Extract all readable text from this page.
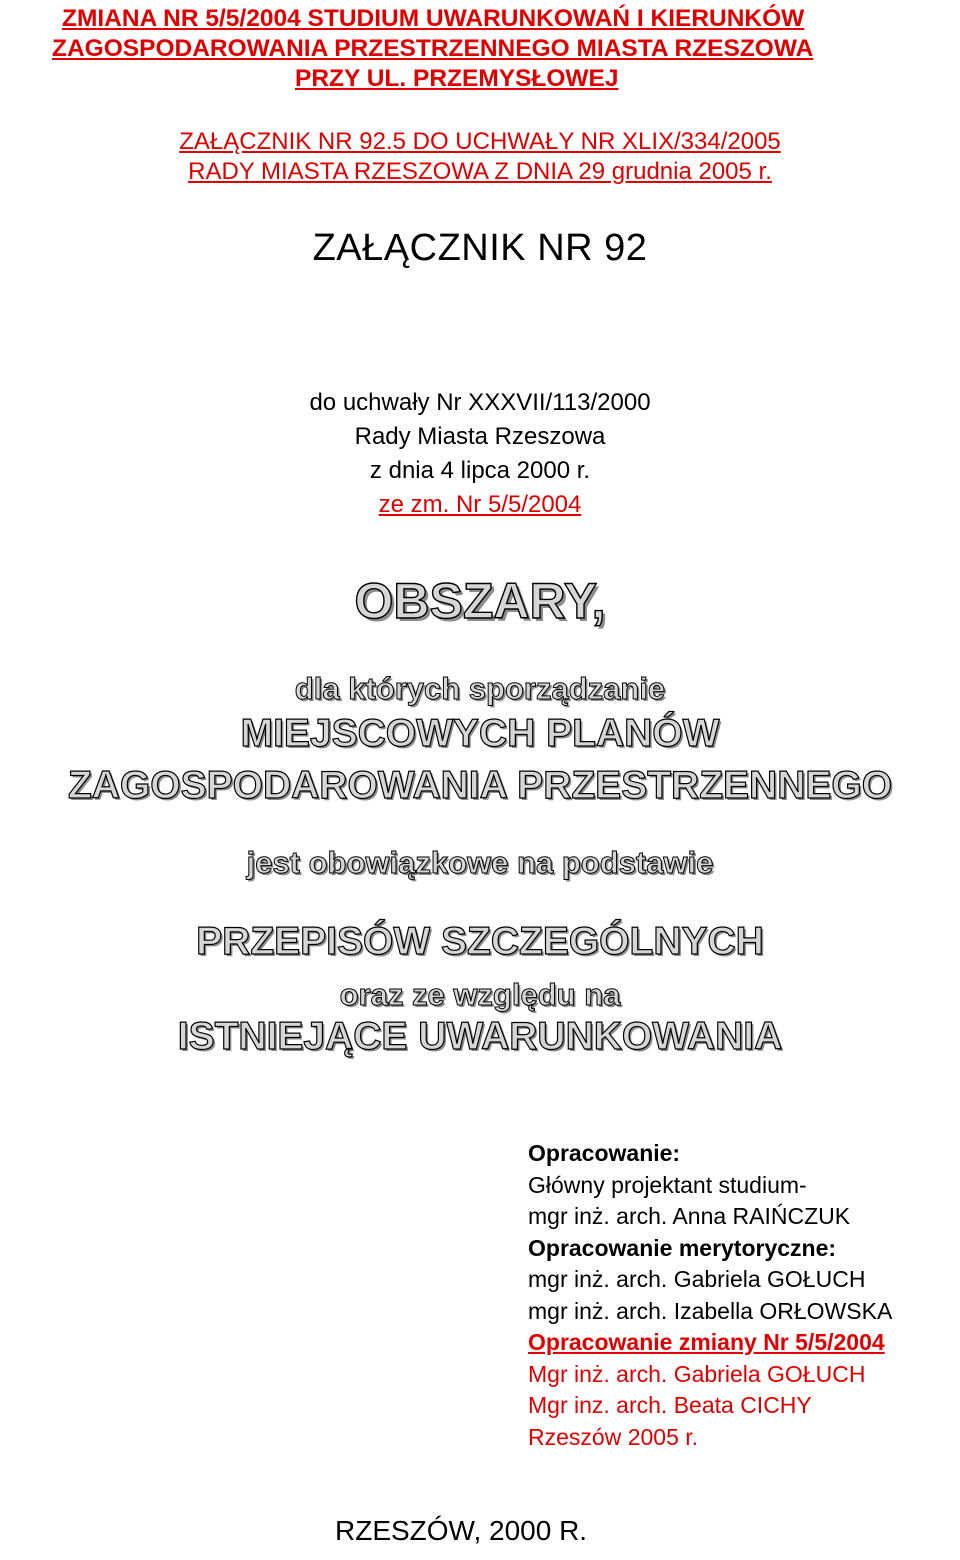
ZMIANA NR 5/5/2004 STUDIUM UWARUNKOWAŃ I KIERUNKÓW
ZAGOSPODAROWANIA PRZESTRZENNEGO MIASTA RZESZOWA
PRZY UL. PRZEMYSŁOWEJ
ZAŁĄCZNIK NR 92.5 DO UCHWAŁY NR XLIX/334/2005
RADY MIASTA RZESZOWA Z DNIA 29 grudnia 2005 r.
ZAŁĄCZNIK NR 92
do uchwały Nr XXXVII/113/2000
Rady Miasta Rzeszowa
z dnia 4 lipca 2000 r.
ze zm. Nr 5/5/2004
OBSZARY,
dla których sporządzanie
MIEJSCOWYCH PLANÓW
ZAGOSPODAROWANIA PRZESTRZENNEGO
jest obowiązkowe na podstawie
PRZEPISÓW SZCZEGÓLNYCH
oraz ze względu na
ISTNIEJĄCE UWARUNKOWANIA
Opracowanie:
Główny projektant studium-
mgr inż. arch. Anna RAIŃCZUK
Opracowanie merytoryczne:
mgr inż. arch. Gabriela GOŁUCH
mgr inż. arch. Izabella ORŁOWSKA
Opracowanie zmiany Nr 5/5/2004
Mgr inż. arch. Gabriela GOŁUCH
Mgr inz. arch. Beata CICHY
Rzeszów 2005 r.
RZESZÓW, 2000 R.
